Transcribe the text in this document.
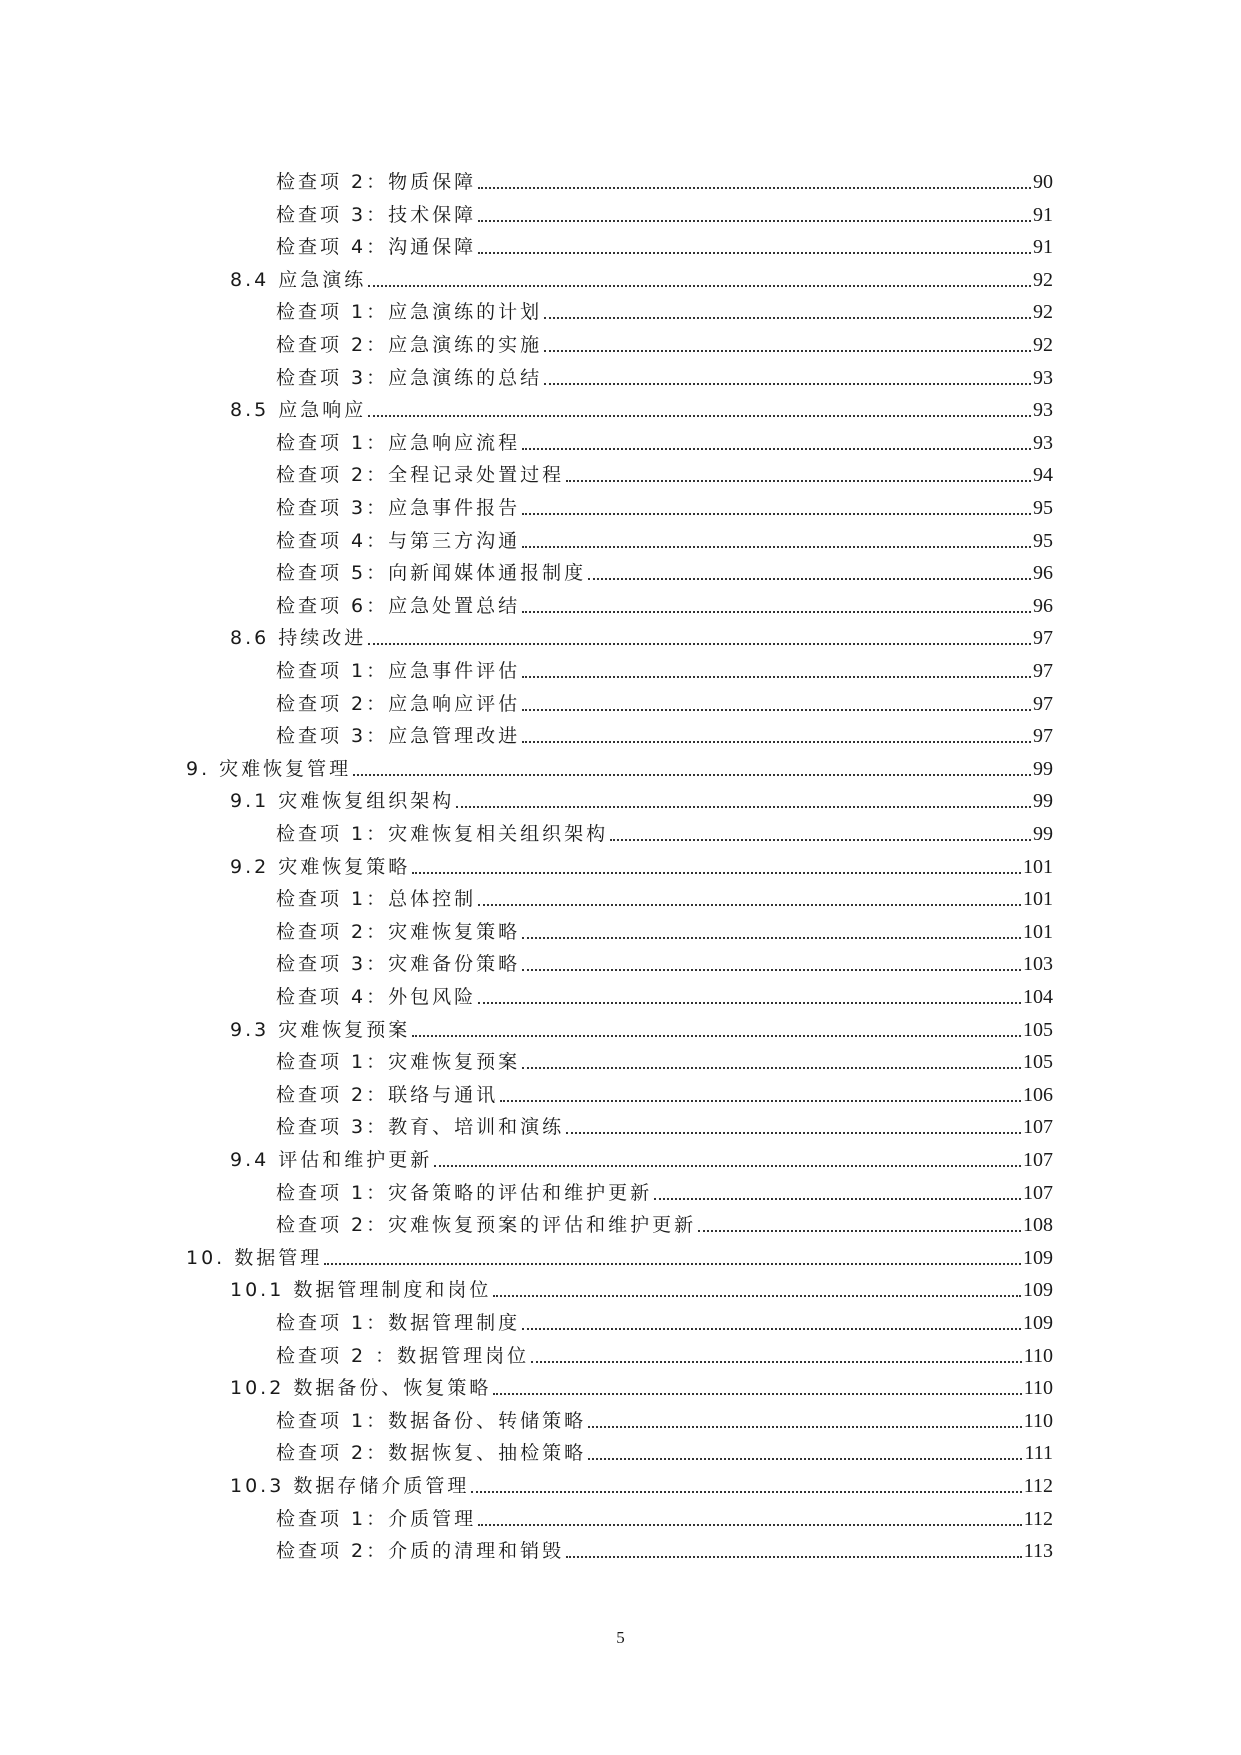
检查项 2：物质保障	90
检查项 3：技术保障	91
检查项 4：沟通保障	91
8.4 应急演练	92
检查项 1：应急演练的计划	92
检查项 2：应急演练的实施	92
检查项 3：应急演练的总结	93
8.5 应急响应	93
检查项 1：应急响应流程	93
检查项 2：全程记录处置过程	94
检查项 3：应急事件报告	95
检查项 4：与第三方沟通	95
检查项 5：向新闻媒体通报制度	96
检查项 6：应急处置总结	96
8.6 持续改进	97
检查项 1：应急事件评估	97
检查项 2：应急响应评估	97
检查项 3：应急管理改进	97
9. 灾难恢复管理	99
9.1 灾难恢复组织架构	99
检查项 1：灾难恢复相关组织架构	99
9.2 灾难恢复策略	101
检查项 1：总体控制	101
检查项 2：灾难恢复策略	101
检查项 3：灾难备份策略	103
检查项 4：外包风险	104
9.3 灾难恢复预案	105
检查项 1：灾难恢复预案	105
检查项 2：联络与通讯	106
检查项 3：教育、培训和演练	107
9.4 评估和维护更新	107
检查项 1：灾备策略的评估和维护更新	107
检查项 2：灾难恢复预案的评估和维护更新	108
10. 数据管理	109
10.1 数据管理制度和岗位	109
检查项 1：数据管理制度	109
检查项 2 ：数据管理岗位	110
10.2 数据备份、恢复策略	110
检查项 1：数据备份、转储策略	110
检查项 2：数据恢复、抽检策略	111
10.3 数据存储介质管理	112
检查项 1：介质管理	112
检查项 2：介质的清理和销毁	113
5
